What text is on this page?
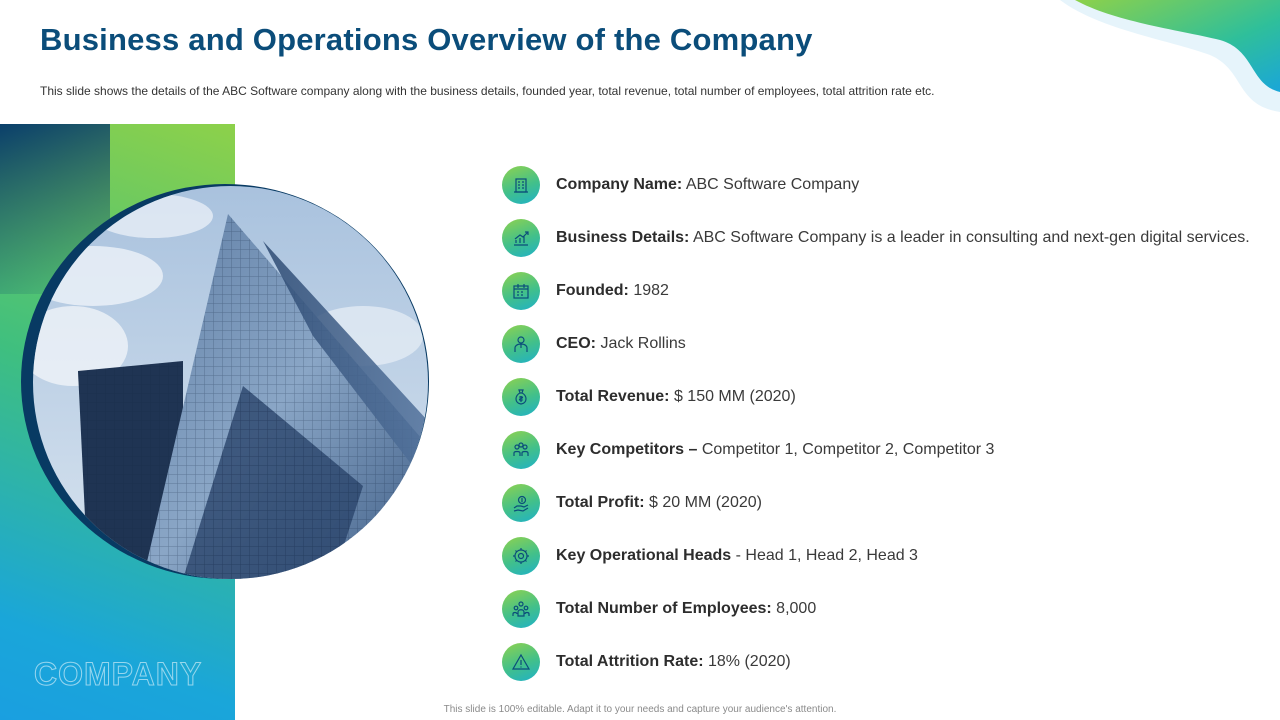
Business and Operations Overview of the Company

This slide shows the details of the ABC Software company along with the business details, founded year, total revenue, total number of employees, total attrition rate etc.

COMPANY

Company Name: ABC Software Company
Business Details: ABC Software Company is a leader in consulting and next-gen digital services.
Founded: 1982
CEO: Jack Rollins
Total Revenue: $ 150 MM (2020)
Key Competitors – Competitor 1, Competitor 2, Competitor 3
Total Profit: $ 20 MM (2020)
Key Operational Heads - Head 1, Head 2, Head 3
Total Number of Employees: 8,000
Total Attrition Rate: 18% (2020)

This slide is 100% editable. Adapt it to your needs and capture your audience's attention.
